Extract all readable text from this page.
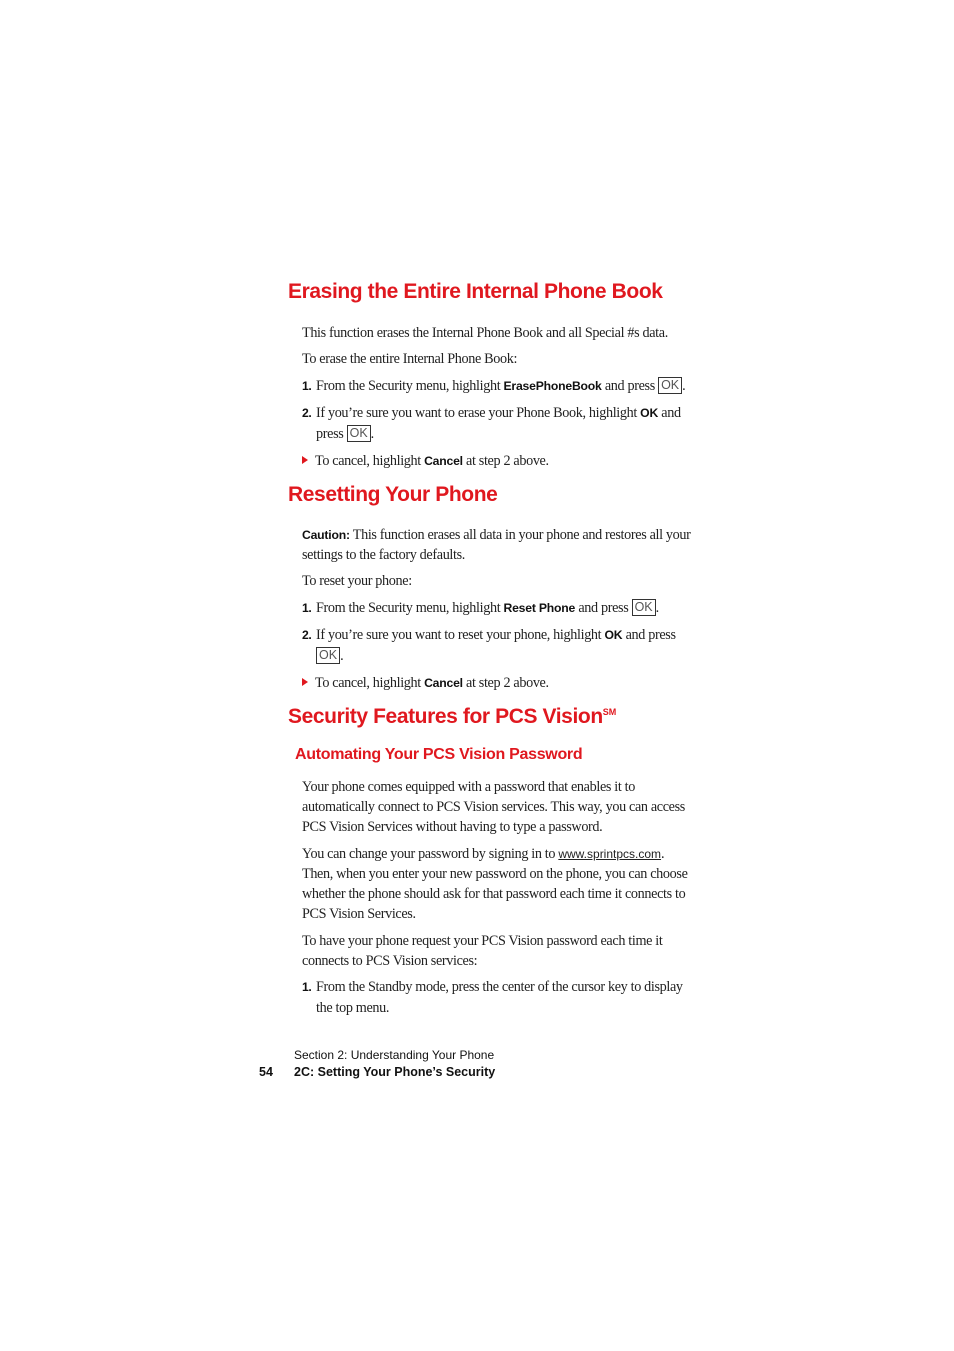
Erasing the Entire Internal Phone Book
This function erases the Internal Phone Book and all Special #s data.
To erase the entire Internal Phone Book:
1. From the Security menu, highlight ErasePhoneBook and press OK .
2. If you’re sure you want to erase your Phone Book, highlight OK and
press OK .
To cancel, highlight Cancel at step 2 above.
Resetting Your Phone
Caution: This function erases all data in your phone and restores all your
settings to the factory defaults.
To reset your phone:
1. From the Security menu, highlight Reset Phone and press OK .
2. If you’re sure you want to reset your phone, highlight OK and press
OK .
To cancel, highlight Cancel at step 2 above.
Security Features for PCS Vision℠
Automating Your PCS Vision Password
Your phone comes equipped with a password that enables it to
automatically connect to PCS Vision services. This way, you can access
PCS Vision Services without having to type a password.
You can change your password by signing in to www.sprintpcs.com.
Then, when you enter your new password on the phone, you can choose
whether the phone should ask for that password each time it connects to
PCS Vision Services.
To have your phone request your PCS Vision password each time it
connects to PCS Vision services:
1. From the Standby mode, press the center of the cursor key to display
the top menu.
Section 2: Understanding Your Phone
54 2C: Setting Your Phone’s Security
